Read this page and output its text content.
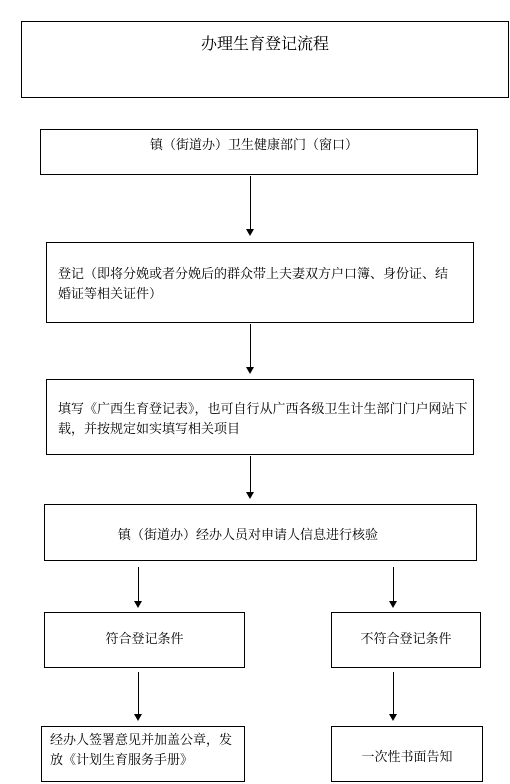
办理生育登记流程
镇（街道办）卫生健康部门（窗口）
登记（即将分娩或者分娩后的群众带上夫妻双方户口簿、身份证、结婚证等相关证件）
填写《广西生育登记表》，也可自行从广西各级卫生计生部门门户网站下载，并按规定如实填写相关项目
镇（街道办）经办人员对申请人信息进行核验
符合登记条件	不符合登记条件
经办人签署意见并加盖公章，发放《计划生育服务手册》	一次性书面告知
